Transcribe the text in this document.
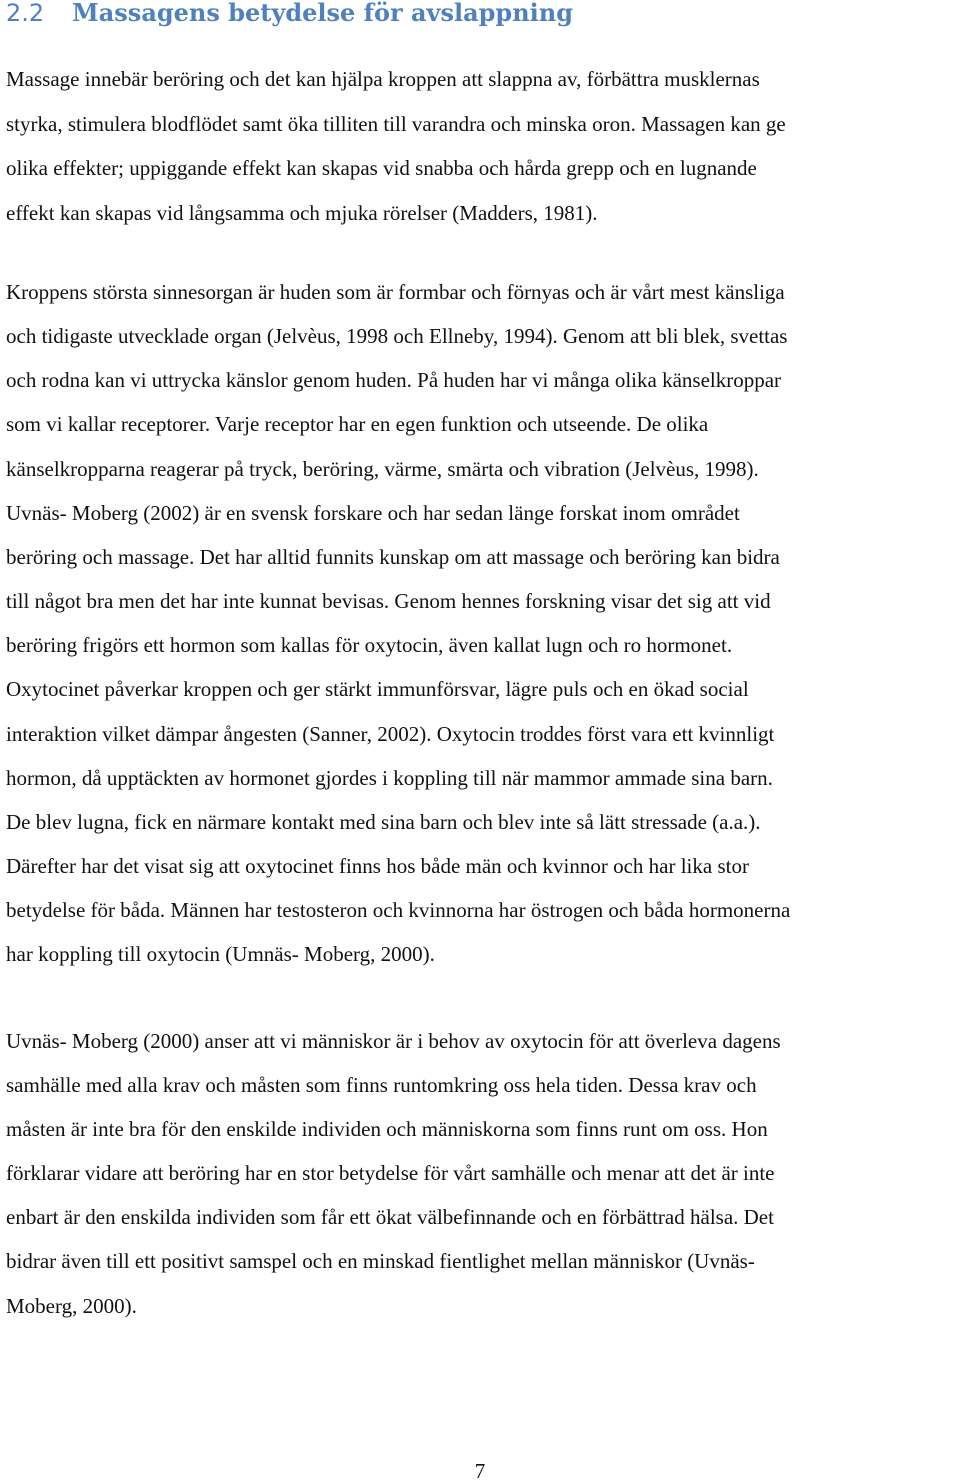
2.2 Massagens betydelse för avslappning

Massage innebär beröring och det kan hjälpa kroppen att slappna av, förbättra musklernas
styrka, stimulera blodflödet samt öka tilliten till varandra och minska oron. Massagen kan ge
olika effekter; uppiggande effekt kan skapas vid snabba och hårda grepp och en lugnande
effekt kan skapas vid långsamma och mjuka rörelser (Madders, 1981).

Kroppens största sinnesorgan är huden som är formbar och förnyas och är vårt mest känsliga
och tidigaste utvecklade organ (Jelvèus, 1998 och Ellneby, 1994). Genom att bli blek, svettas
och rodna kan vi uttrycka känslor genom huden. På huden har vi många olika känselkroppar
som vi kallar receptorer. Varje receptor har en egen funktion och utseende. De olika
känselkropparna reagerar på tryck, beröring, värme, smärta och vibration (Jelvèus, 1998).
Uvnäs- Moberg (2002) är en svensk forskare och har sedan länge forskat inom området
beröring och massage. Det har alltid funnits kunskap om att massage och beröring kan bidra
till något bra men det har inte kunnat bevisas. Genom hennes forskning visar det sig att vid
beröring frigörs ett hormon som kallas för oxytocin, även kallat lugn och ro hormonet.
Oxytocinet påverkar kroppen och ger stärkt immunförsvar, lägre puls och en ökad social
interaktion vilket dämpar ångesten (Sanner, 2002). Oxytocin troddes först vara ett kvinnligt
hormon, då upptäckten av hormonet gjordes i koppling till när mammor ammade sina barn.
De blev lugna, fick en närmare kontakt med sina barn och blev inte så lätt stressade (a.a.).
Därefter har det visat sig att oxytocinet finns hos både män och kvinnor och har lika stor
betydelse för båda. Männen har testosteron och kvinnorna har östrogen och båda hormonerna
har koppling till oxytocin (Umnäs- Moberg, 2000).

Uvnäs- Moberg (2000) anser att vi människor är i behov av oxytocin för att överleva dagens
samhälle med alla krav och måsten som finns runtomkring oss hela tiden. Dessa krav och
måsten är inte bra för den enskilde individen och människorna som finns runt om oss. Hon
förklarar vidare att beröring har en stor betydelse för vårt samhälle och menar att det är inte
enbart är den enskilda individen som får ett ökat välbefinnande och en förbättrad hälsa. Det
bidrar även till ett positivt samspel och en minskad fientlighet mellan människor (Uvnäs-
Moberg, 2000).

7
